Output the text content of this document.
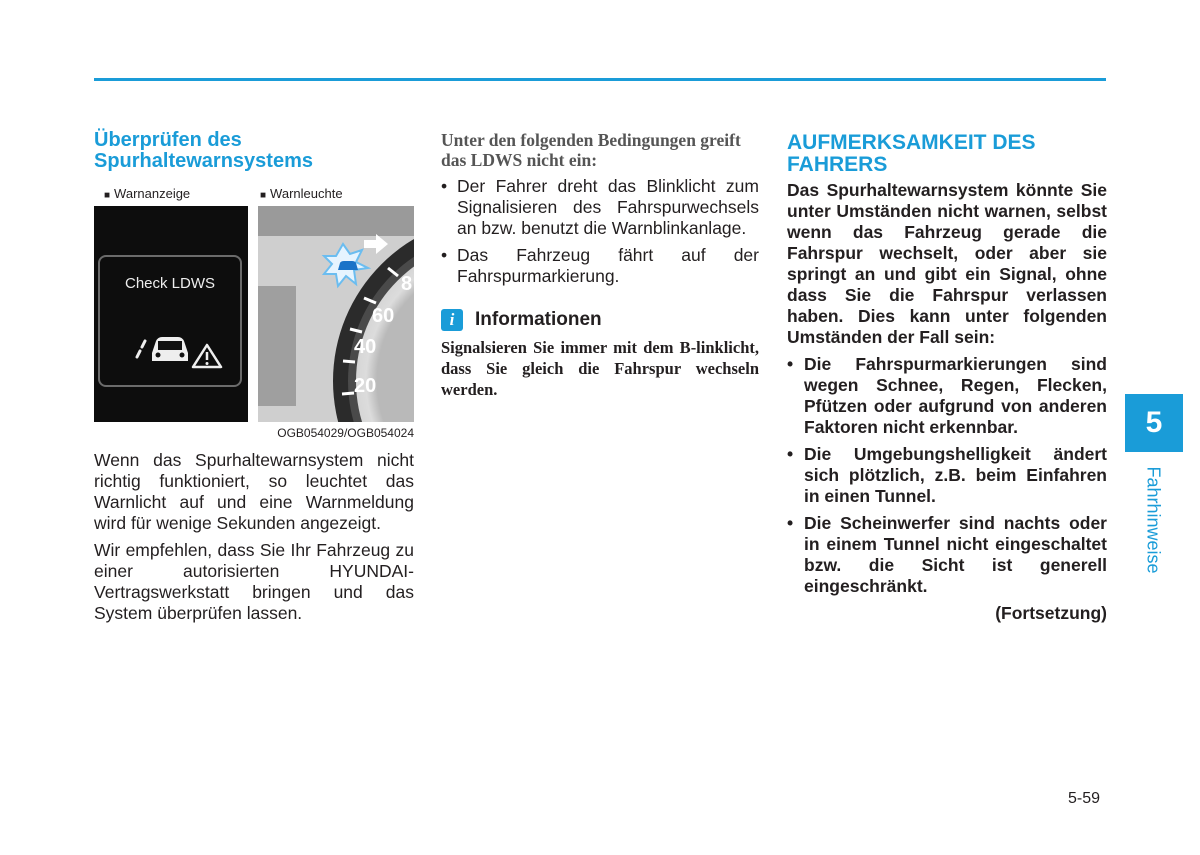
Überprüfen des
Spurhaltewarnsystems
■ Warnanzeige	■ Warnleuchte
Check LDWS	8
60
40
20
OGB054029/OGB054024

Wenn das Spurhaltewarnsystem nicht richtig funktioniert, so leuchtet das Warnlicht auf und eine Warnmeldung wird für wenige Sekunden angezeigt.

Wir empfehlen, dass Sie Ihr Fahrzeug zu einer autorisierten HYUNDAI-Vertragswerkstatt bringen und das System überprüfen lassen.

Unter den folgenden Bedingungen greift das LDWS nicht ein:

• Der Fahrer dreht das Blinklicht zum Signalisieren des Fahrspurwechsels an bzw. benutzt die Warnblinkanlage.
• Das Fahrzeug fährt auf der Fahrspurmarkierung.
i	Informationen

Signalsieren Sie immer mit dem B-linklicht, dass Sie gleich die Fahrspur wechseln werden.

AUFMERKSAMKEIT DES
FAHRERS

Das Spurhaltewarnsystem könnte Sie unter Umständen nicht warnen, selbst wenn das Fahrzeug gerade die Fahrspur wechselt, oder aber sie springt an und gibt ein Signal, ohne dass Sie die Fahrspur verlassen haben. Dies kann unter folgenden Umständen der Fall sein:

• Die Fahrspurmarkierungen sind wegen Schnee, Regen, Flecken, Pfützen oder aufgrund von anderen Faktoren nicht erkennbar.
• Die Umgebungshelligkeit ändert sich plötzlich, z.B. beim Einfahren in einen Tunnel.
• Die Scheinwerfer sind nachts oder in einem Tunnel nicht eingeschaltet bzw. die Sicht ist generell eingeschränkt.
(Fortsetzung)
5
Fahrhinweise
5-59
